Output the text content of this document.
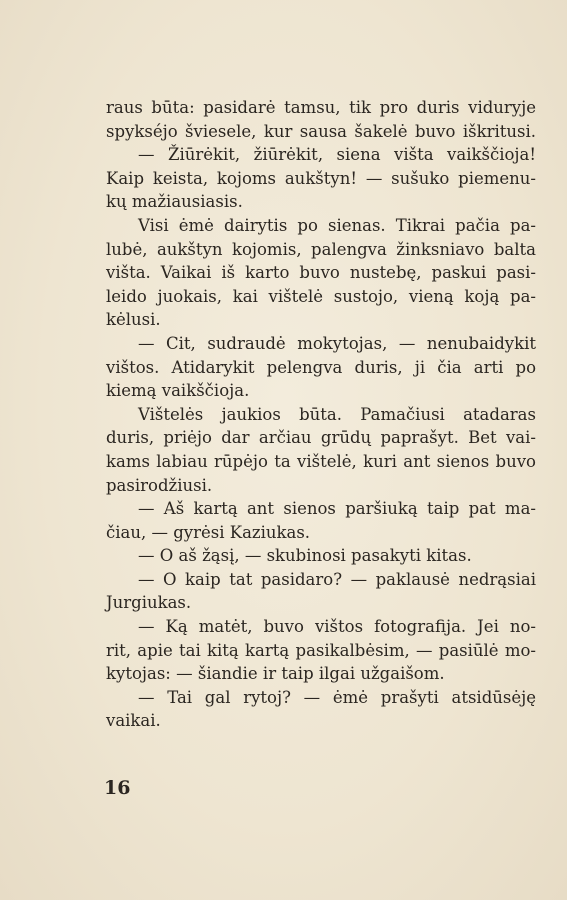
raus būta: pasidarė tamsu, tik pro duris viduryje
spykséjo šviesele, kur sausa šakelė buvo iškritusi.
— Žiūrėkit, žiūrėkit, siena višta vaikščioja!
Kaip keista, kojoms aukštyn! — sušuko piemenu-
kų mažiausiasis.
Visi ėmė dairytis po sienas. Tikrai pačia pa-
lubė, aukštyn kojomis, palengva žinksniavo balta
višta. Vaikai iš karto buvo nustebę, paskui pasi-
leido juokais, kai vištelė sustojo, vieną koją pa-
kėlusi.
— Cit, sudraudė mokytojas, — nenubaidykit
vištos. Atidarykit pelengva duris, ji čia arti po
kiemą vaikščioja.
Vištelės jaukios būta. Pamačiusi atadaras
duris, priėjo dar arčiau grūdų paprašyt. Bet vai-
kams labiau rūpėjo ta vištelė, kuri ant sienos buvo
pasirodžiusi.
— Aš kartą ant sienos paršiuką taip pat ma-
čiau, — gyrėsi Kaziukas.
— O aš žąsį, — skubinosi pasakyti kitas.
— O kaip tat pasidaro? — paklausė nedrąsiai
Jurgiukas.
— Ką matėt, buvo vištos fotografija. Jei no-
rit, apie tai kitą kartą pasikalbėsim, — pasiūlė mo-
kytojas: — šiandie ir taip ilgai užgaišom.
— Tai gal rytoj? — ėmė prašyti atsidūsėję
vaikai.
16
